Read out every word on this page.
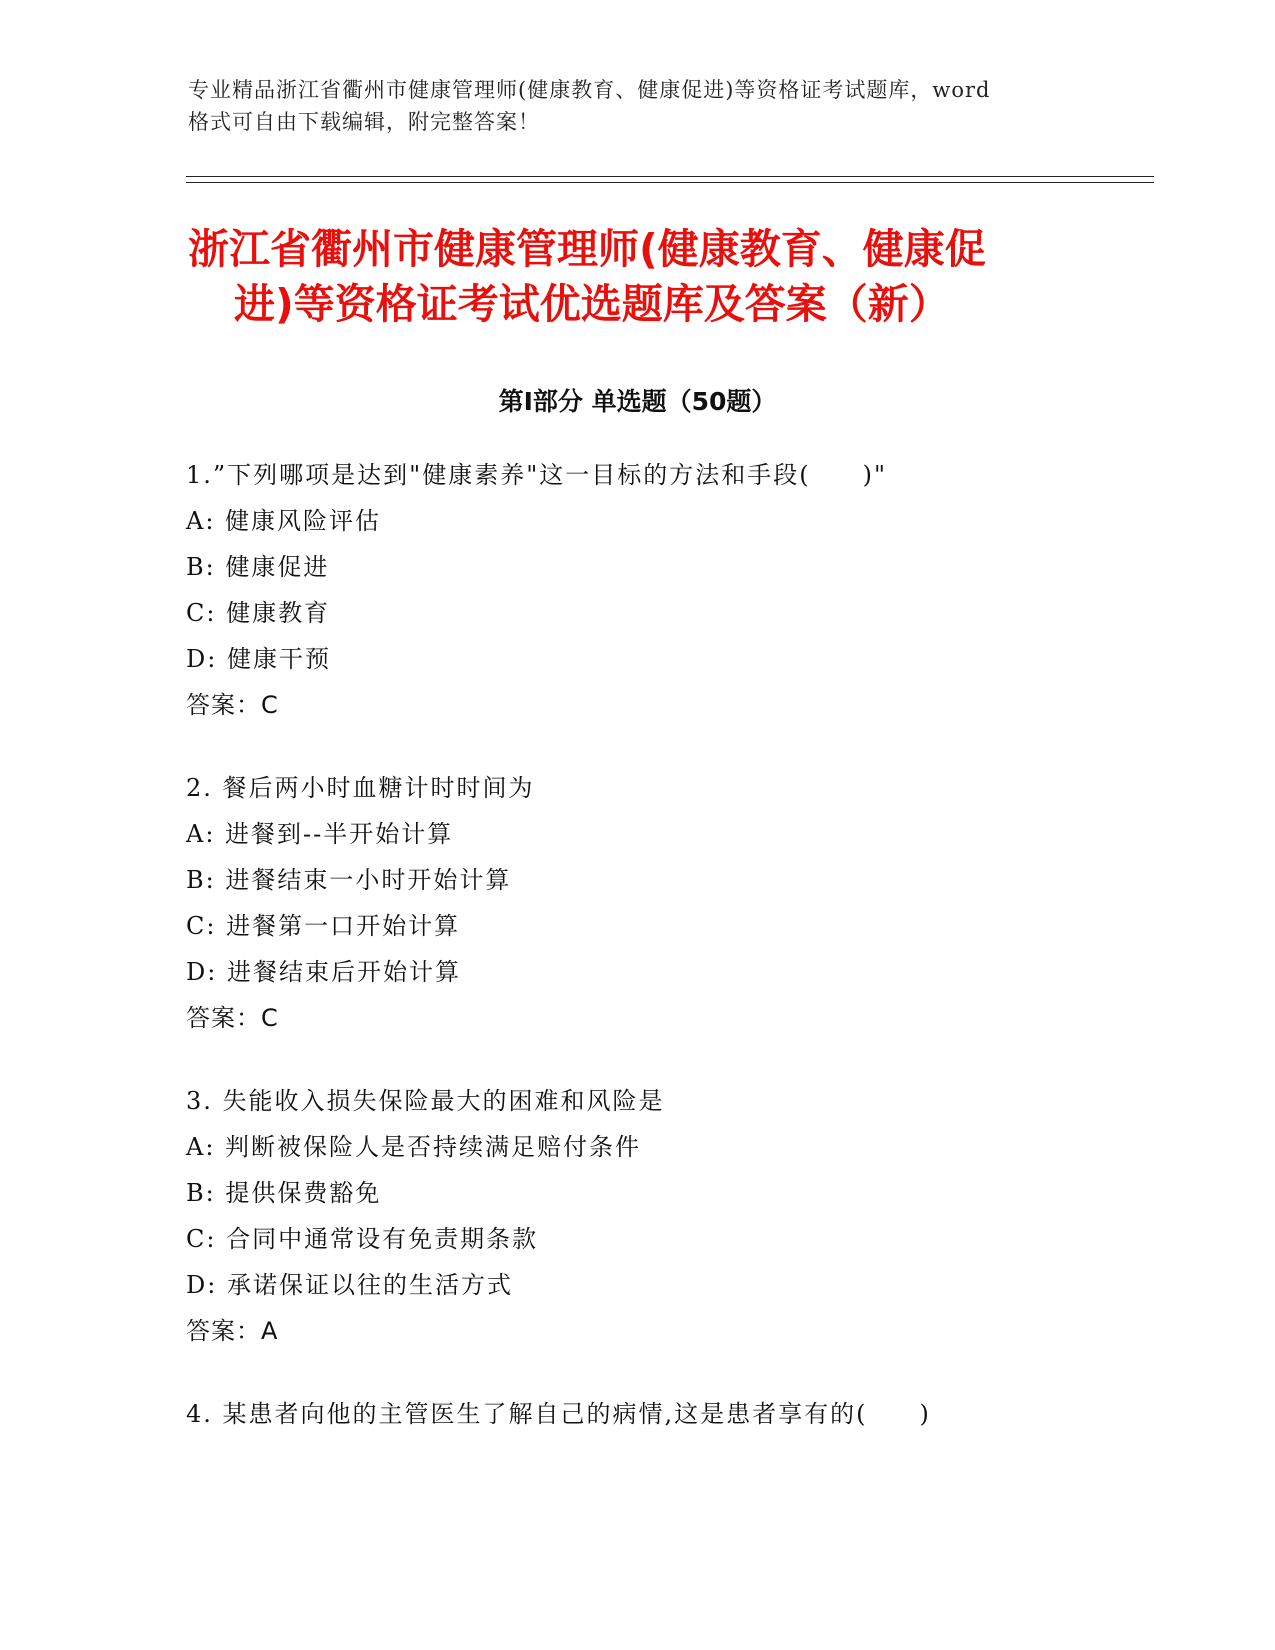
专业精品浙江省衢州市健康管理师(健康教育、健康促进)等资格证考试题库，word
格式可自由下载编辑，附完整答案！
浙江省衢州市健康管理师(健康教育、健康促
进)等资格证考试优选题库及答案（新）
第Ⅰ部分 单选题（50题）
1.”下列哪项是达到"健康素养"这一目标的方法和手段(　　)"
A: 健康风险评估
B: 健康促进
C: 健康教育
D: 健康干预
答案：C
2. 餐后两小时血糖计时时间为
A: 进餐到--半开始计算
B: 进餐结束一小时开始计算
C: 进餐第一口开始计算
D: 进餐结束后开始计算
答案：C
3. 失能收入损失保险最大的困难和风险是
A: 判断被保险人是否持续满足赔付条件
B: 提供保费豁免
C: 合同中通常设有免责期条款
D: 承诺保证以往的生活方式
答案：A
4. 某患者向他的主管医生了解自己的病情,这是患者享有的(　　)
